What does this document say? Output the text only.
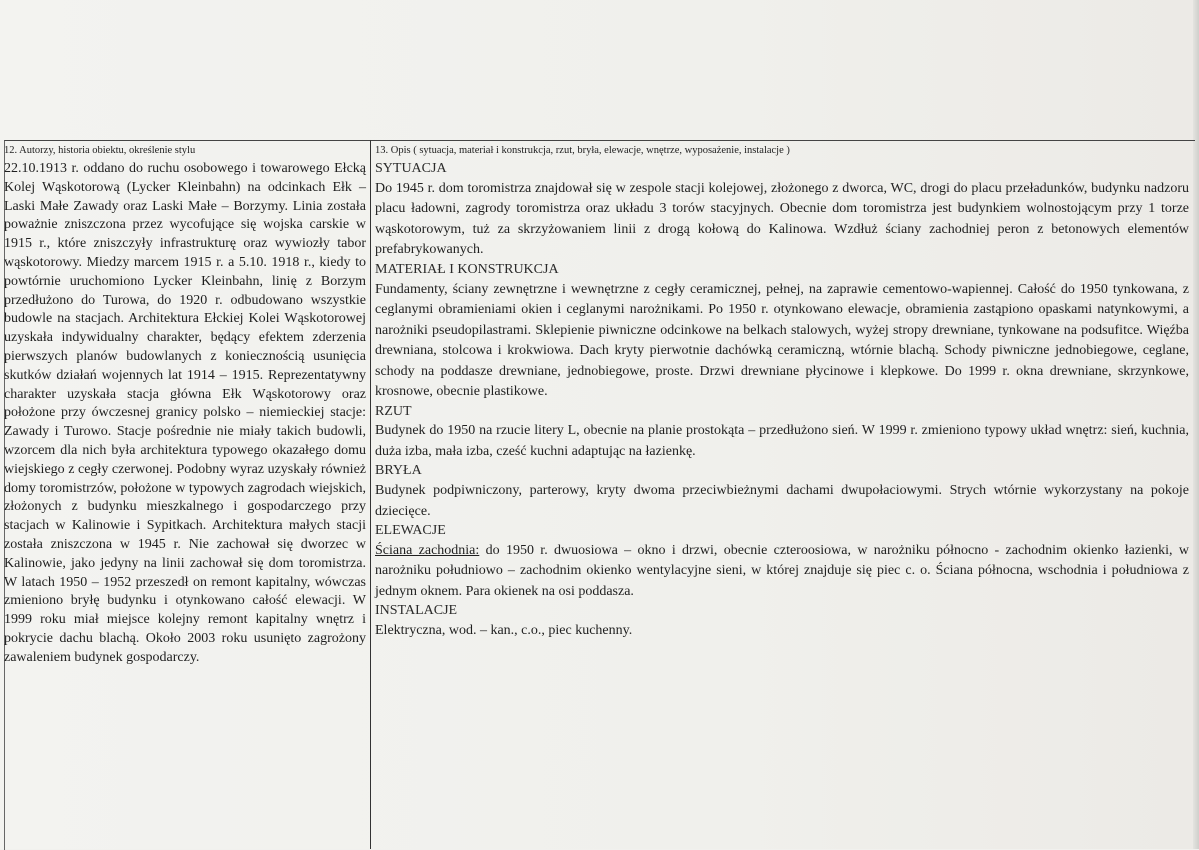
12. Autorzy, historia obiektu, określenie stylu

22.10.1913 r. oddano do ruchu osobowego i towarowego Ełcką Kolej Wąskotorową (Lycker Kleinbahn) na odcinkach Ełk – Laski Małe Zawady oraz Laski Małe – Borzymy. Linia została poważnie zniszczona przez wycofujące się wojska carskie w 1915 r., które zniszczyły infrastrukturę oraz wywiozły tabor wąskotorowy. Miedzy marcem 1915 r. a 5.10. 1918 r., kiedy to powtórnie uruchomiono Lycker Kleinbahn, linię z Borzym przedłużono do Turowa, do 1920 r. odbudowano wszystkie budowle na stacjach. Architektura Ełckiej Kolei Wąskotorowej uzyskała indywidualny charakter, będący efektem zderzenia pierwszych planów budowlanych z koniecznością usunięcia skutków działań wojennych lat 1914 – 1915. Reprezentatywny charakter uzyskała stacja główna Ełk Wąskotorowy oraz położone przy ówczesnej granicy polsko – niemieckiej stacje: Zawady i Turowo. Stacje pośrednie nie miały takich budowli, wzorcem dla nich była architektura typowego okazałego domu wiejskiego z cegły czerwonej. Podobny wyraz uzyskały również domy toromistrzów, położone w typowych zagrodach wiejskich, złożonych z budynku mieszkalnego i gospodarczego przy stacjach w Kalinowie i Sypitkach. Architektura małych stacji została zniszczona w 1945 r. Nie zachował się dworzec w Kalinowie, jako jedyny na linii zachował się dom toromistrza. W latach 1950 – 1952 przeszedł on remont kapitalny, wówczas zmieniono bryłę budynku i otynkowano całość elewacji. W 1999 roku miał miejsce kolejny remont kapitalny wnętrz i pokrycie dachu blachą. Około 2003 roku usunięto zagrożony zawaleniem budynek gospodarczy.

13. Opis ( sytuacja, materiał i konstrukcja, rzut, bryła, elewacje, wnętrze, wyposażenie, instalacje )
SYTUACJA
Do 1945 r. dom toromistrza znajdował się w zespole stacji kolejowej, złożonego z dworca, WC, drogi do placu przeładunków, budynku nadzoru placu ładowni, zagrody toromistrza oraz układu 3 torów stacyjnych. Obecnie dom toromistrza jest budynkiem wolnostojącym przy 1 torze wąskotorowym, tuż za skrzyżowaniem linii z drogą kołową do Kalinowa. Wzdłuż ściany zachodniej peron z betonowych elementów prefabrykowanych.
MATERIAŁ I KONSTRUKCJA
Fundamenty, ściany zewnętrzne i wewnętrzne z cegły ceramicznej, pełnej, na zaprawie cementowo-wapiennej. Całość do 1950 tynkowana, z ceglanymi obramieniami okien i ceglanymi narożnikami. Po 1950 r. otynkowano elewacje, obramienia zastąpiono opaskami natynkowymi, a narożniki pseudopilastrami. Sklepienie piwniczne odcinkowe na belkach stalowych, wyżej stropy drewniane, tynkowane na podsufitce. Więźba drewniana, stolcowa i krokwiowa. Dach kryty pierwotnie dachówką ceramiczną, wtórnie blachą. Schody piwniczne jednobiegowe, ceglane, schody na poddasze drewniane, jednobiegowe, proste. Drzwi drewniane płycinowe i klepkowe. Do 1999 r. okna drewniane, skrzynkowe, krosnowe, obecnie plastikowe.
RZUT
Budynek do 1950 na rzucie litery L, obecnie na planie prostokąta – przedłużono sień. W 1999 r. zmieniono typowy układ wnętrz: sień, kuchnia, duża izba, mała izba, cześć kuchni adaptując na łazienkę.
BRYŁA
Budynek podpiwniczony, parterowy, kryty dwoma przeciwbieżnymi dachami dwupołaciowymi. Strych wtórnie wykorzystany na pokoje dziecięce.
ELEWACJE
Ściana zachodnia: do 1950 r. dwuosiowa – okno i drzwi, obecnie czteroosiowa, w narożniku północno - zachodnim okienko łazienki, w narożniku południowo – zachodnim okienko wentylacyjne sieni, w której znajduje się piec c. o. Ściana północna, wschodnia i południowa z jednym oknem. Para okienek na osi poddasza.
INSTALACJE
Elektryczna, wod. – kan., c.o., piec kuchenny.
